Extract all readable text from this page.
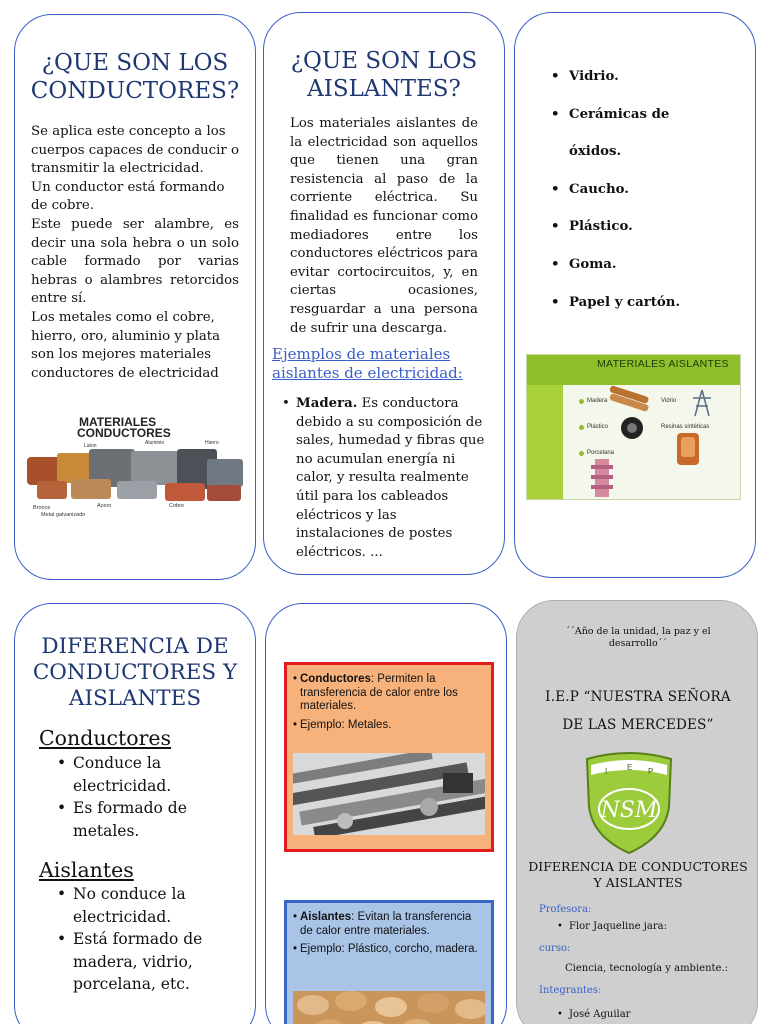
¿QUE SON LOS CONDUCTORES?

Se aplica este concepto a los cuerpos capaces de conducir o transmitir la electricidad.

Un conductor está formando de cobre.

Este puede ser alambre, es decir una sola hebra o un solo cable formado por varias hebras o alambres retorcidos entre sí.

Los metales como el cobre, hierro, oro, aluminio y plata son los mejores materiales conductores de electricidad

MATERIALES
CONDUCTORES
Laton	Aluminio	Hierro
Bronce	Acero	Cobre
Metal galvanizado
¿QUE SON LOS AISLANTES?
Los materiales aislantes de la electricidad son aquellos que tienen una gran resistencia al paso de la corriente eléctrica. Su finalidad es funcionar como mediadores entre los conductores eléctricos para evitar cortocircuitos, y, en ciertas ocasiones, resguardar a una persona de sufrir una descarga.
Ejemplos de materiales aislantes de electricidad:
• Madera. Es conductora debido a su composición de sales, humedad y fibras que no acumulan energía ni calor, y resulta realmente útil para los cableados eléctricos y las instalaciones de postes eléctricos. ...
• Vidrio.
• Cerámicas de óxidos.
• Caucho.
• Plástico.
• Goma.
• Papel y cartón.
MATERIALES AISLANTES
Madera	Vidrio
Plástico	Resinas sintéticas
Porcelana
DIFERENCIA DE CONDUCTORES Y AISLANTES
Conductores
• Conduce la electricidad.
• Es formado de metales.
Aislantes
• No conduce la electricidad.
• Está formado de madera, vidrio, porcelana, etc.
• Conductores: Permiten la transferencia de calor entre los materiales.
• Ejemplo: Metales.
• Aislantes: Evitan la transferencia de calor entre materiales.
• Ejemplo: Plástico, corcho, madera.
´´Año de la unidad, la paz y el desarrollo´´
I.E.P “NUESTRA SEÑORA
DE LAS MERCEDES”
I E P
NSM
DIFERENCIA DE CONDUCTORES Y AISLANTES
Profesora:
• Flor Jaqueline jara:
curso:
Ciencia, tecnología y ambiente.:
Integrantes:
• José Aguilar
